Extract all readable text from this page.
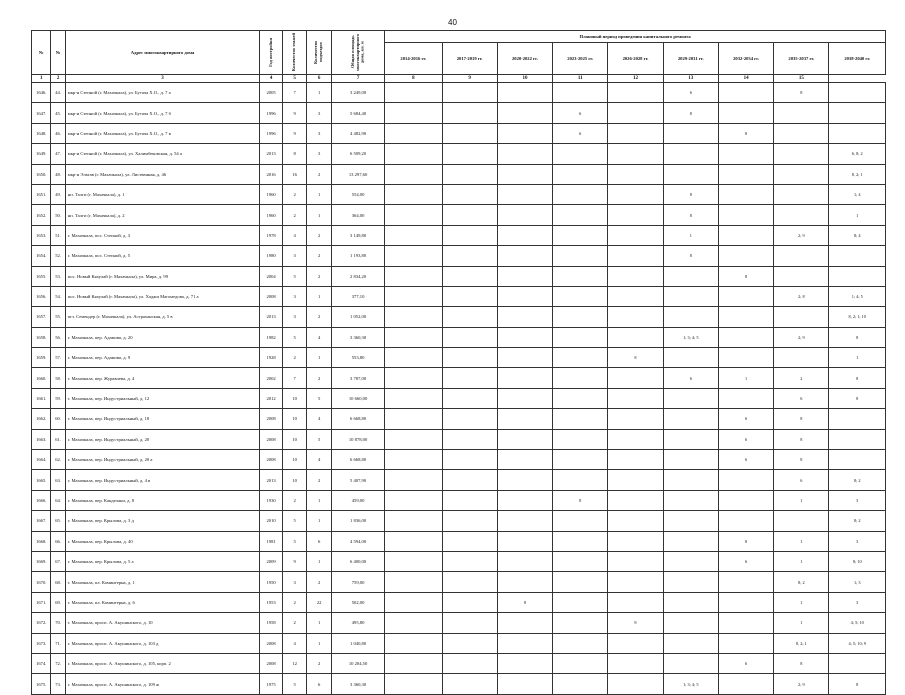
40
№	№	Адрес многоквартирного дома	Год постройки	Количество этажей	Количество подъездов	Общая площадь многоквартирного дома, кв. м	Плановый период проведения капитального ремонта								
							2014-2016 гг.	2017-2019 гг.	2020-2022 гг.	2023-2025 гг.	2026-2028 гг.	2029-2031 гг.	2032-2034 гг.	2035-2037 гг.	2038-2040 гг.
1	2	3	4	5	6	7	8	9	10	11	12	13	14	15	
1646.	44.	мкр-н Степной (г. Махачкала), ул. Бутача Х.О., д. 7 а	2005	7	1	3 249,00						6		8	
1647.	45.	мкр-н Степной (г. Махачкала), ул. Бутача Х.О., д. 7 б	1996	9	3	5 684,40				6		8			
1648.	46.	мкр-н Степной (г. Махачкала), ул. Бутача Х.О., д. 7 в	1996	9	3	4 482,90				6			8		
1649.	47.	мкр-н Степной (г. Махачкала), ул. Халимбековская, д. 54 а	2013	8	3	6 509,20									6, 8; 2
1650.	48.	мкр-н Эльтав (г. Махачкала), ул. Лиственная, д. 46	2016	16	2	13 297,60									8, 2; 1
1651.	49.	нп. Талги (г. Махачкала), д. 1	1960	2	1	554,00						8			1; 4
1652.	50.	нп. Талги (г. Махачкала), д. 2	1960	2	1	364,00						8			1
1653.	51.	г. Махачкала, пос. Степной, д. 3	1978	4	2	3 149,80						1		2; 9	8; 4
1654.	52.	г. Махачкала, пос. Степной, д. 5	1980	3	2	1 193,80						8			
1655.	53.	пос. Новый Кяхулай (г. Махачкала), ул. Мира, д. 99	2004	5	2	2 834,20							8		
1656.	54.	пос. Новый Кяхулай (г. Махачкала), ул. Хаджи Магомедова, д. 71 а	2008	3	1	377,10								2; 8	1; 4; 5
1657.	55.	пгт. Семендер (г. Махачкала), ул. Астраханская, д. 5 в	2013	3	2	1 052,00									8, 2; 1; 10
1658.	56.	г. Махачкала, пер. Адамова, д. 20	1982	5	4	3 360,30						1; 3; 4; 5		2; 9	8
1659.	57.	г. Махачкала, пер. Адамова, д. 9	1928	2	1	553,80					8				1
1660.	58.	г. Махачкала, пер. Журавлева, д. 4	2002	7	2	3 787,00						6	1	2	8
1661.	59.	г. Махачкала, пер. Индустриальный, д. 12	2012	10	5	10 660,00								6	8
1662.	60.	г. Махачкала, пер. Индустриальный, д. 18	2008	10	4	6 668,80							6	8	
1663.	61.	г. Махачкала, пер. Индустриальный, д. 20	2008	10	5	10 878,00							6	8	
1664.	62.	г. Махачкала, пер. Индустриальный, д. 20 а	2008	10	4	6 668,80							6	8	
1665.	63.	г. Махачкала, пер. Индустриальный, д. 4 в	2013	10	2	5 407,90								6	8; 2
1666.	64.	г. Махачкала, пер. Канделаки, д. 8	1930	2	1	459,00				8				1	3
1667.	65.	г. Махачкала, пер. Крылова, д. 3 д	2010	5	1	1 836,00									8; 2
1668.	66.	г. Махачкала, пер. Крылова, д. 40	1981	5	6	4 594,00							8	1	3
1669.	67.	г. Махачкала, пер. Крылова, д. 5 а	2009	9	1	6 400,00							6	1	8; 10
1670.	68.	г. Махачкала, пл. Коминтерна, д. 1	1950	3	2	759,00								8; 2	1; 3
1671.	69.	г. Махачкала, пл. Коминтерна, д. 6	1953	2	22	502,00			8					1	3
1672.	70.	г. Махачкала, просп. А. Акушинского, д. 10	1958	2	1	495,80					8			1	4; 5; 10
1673.	71.	г. Махачкала, просп. А. Акушинского, д. 103 д	2008	4	1	1 040,80								8, 2; 1	4; 5; 10; 9
1674.	72.	г. Махачкала, просп. А. Акушинского, д. 105, корп. 2	2008	12	2	10 204,50							6	8	
1675.	73.	г. Махачкала, просп. А. Акушинского, д. 109 ж	1975	5	6	3 360,30						1; 3; 4; 5		2; 9	8
